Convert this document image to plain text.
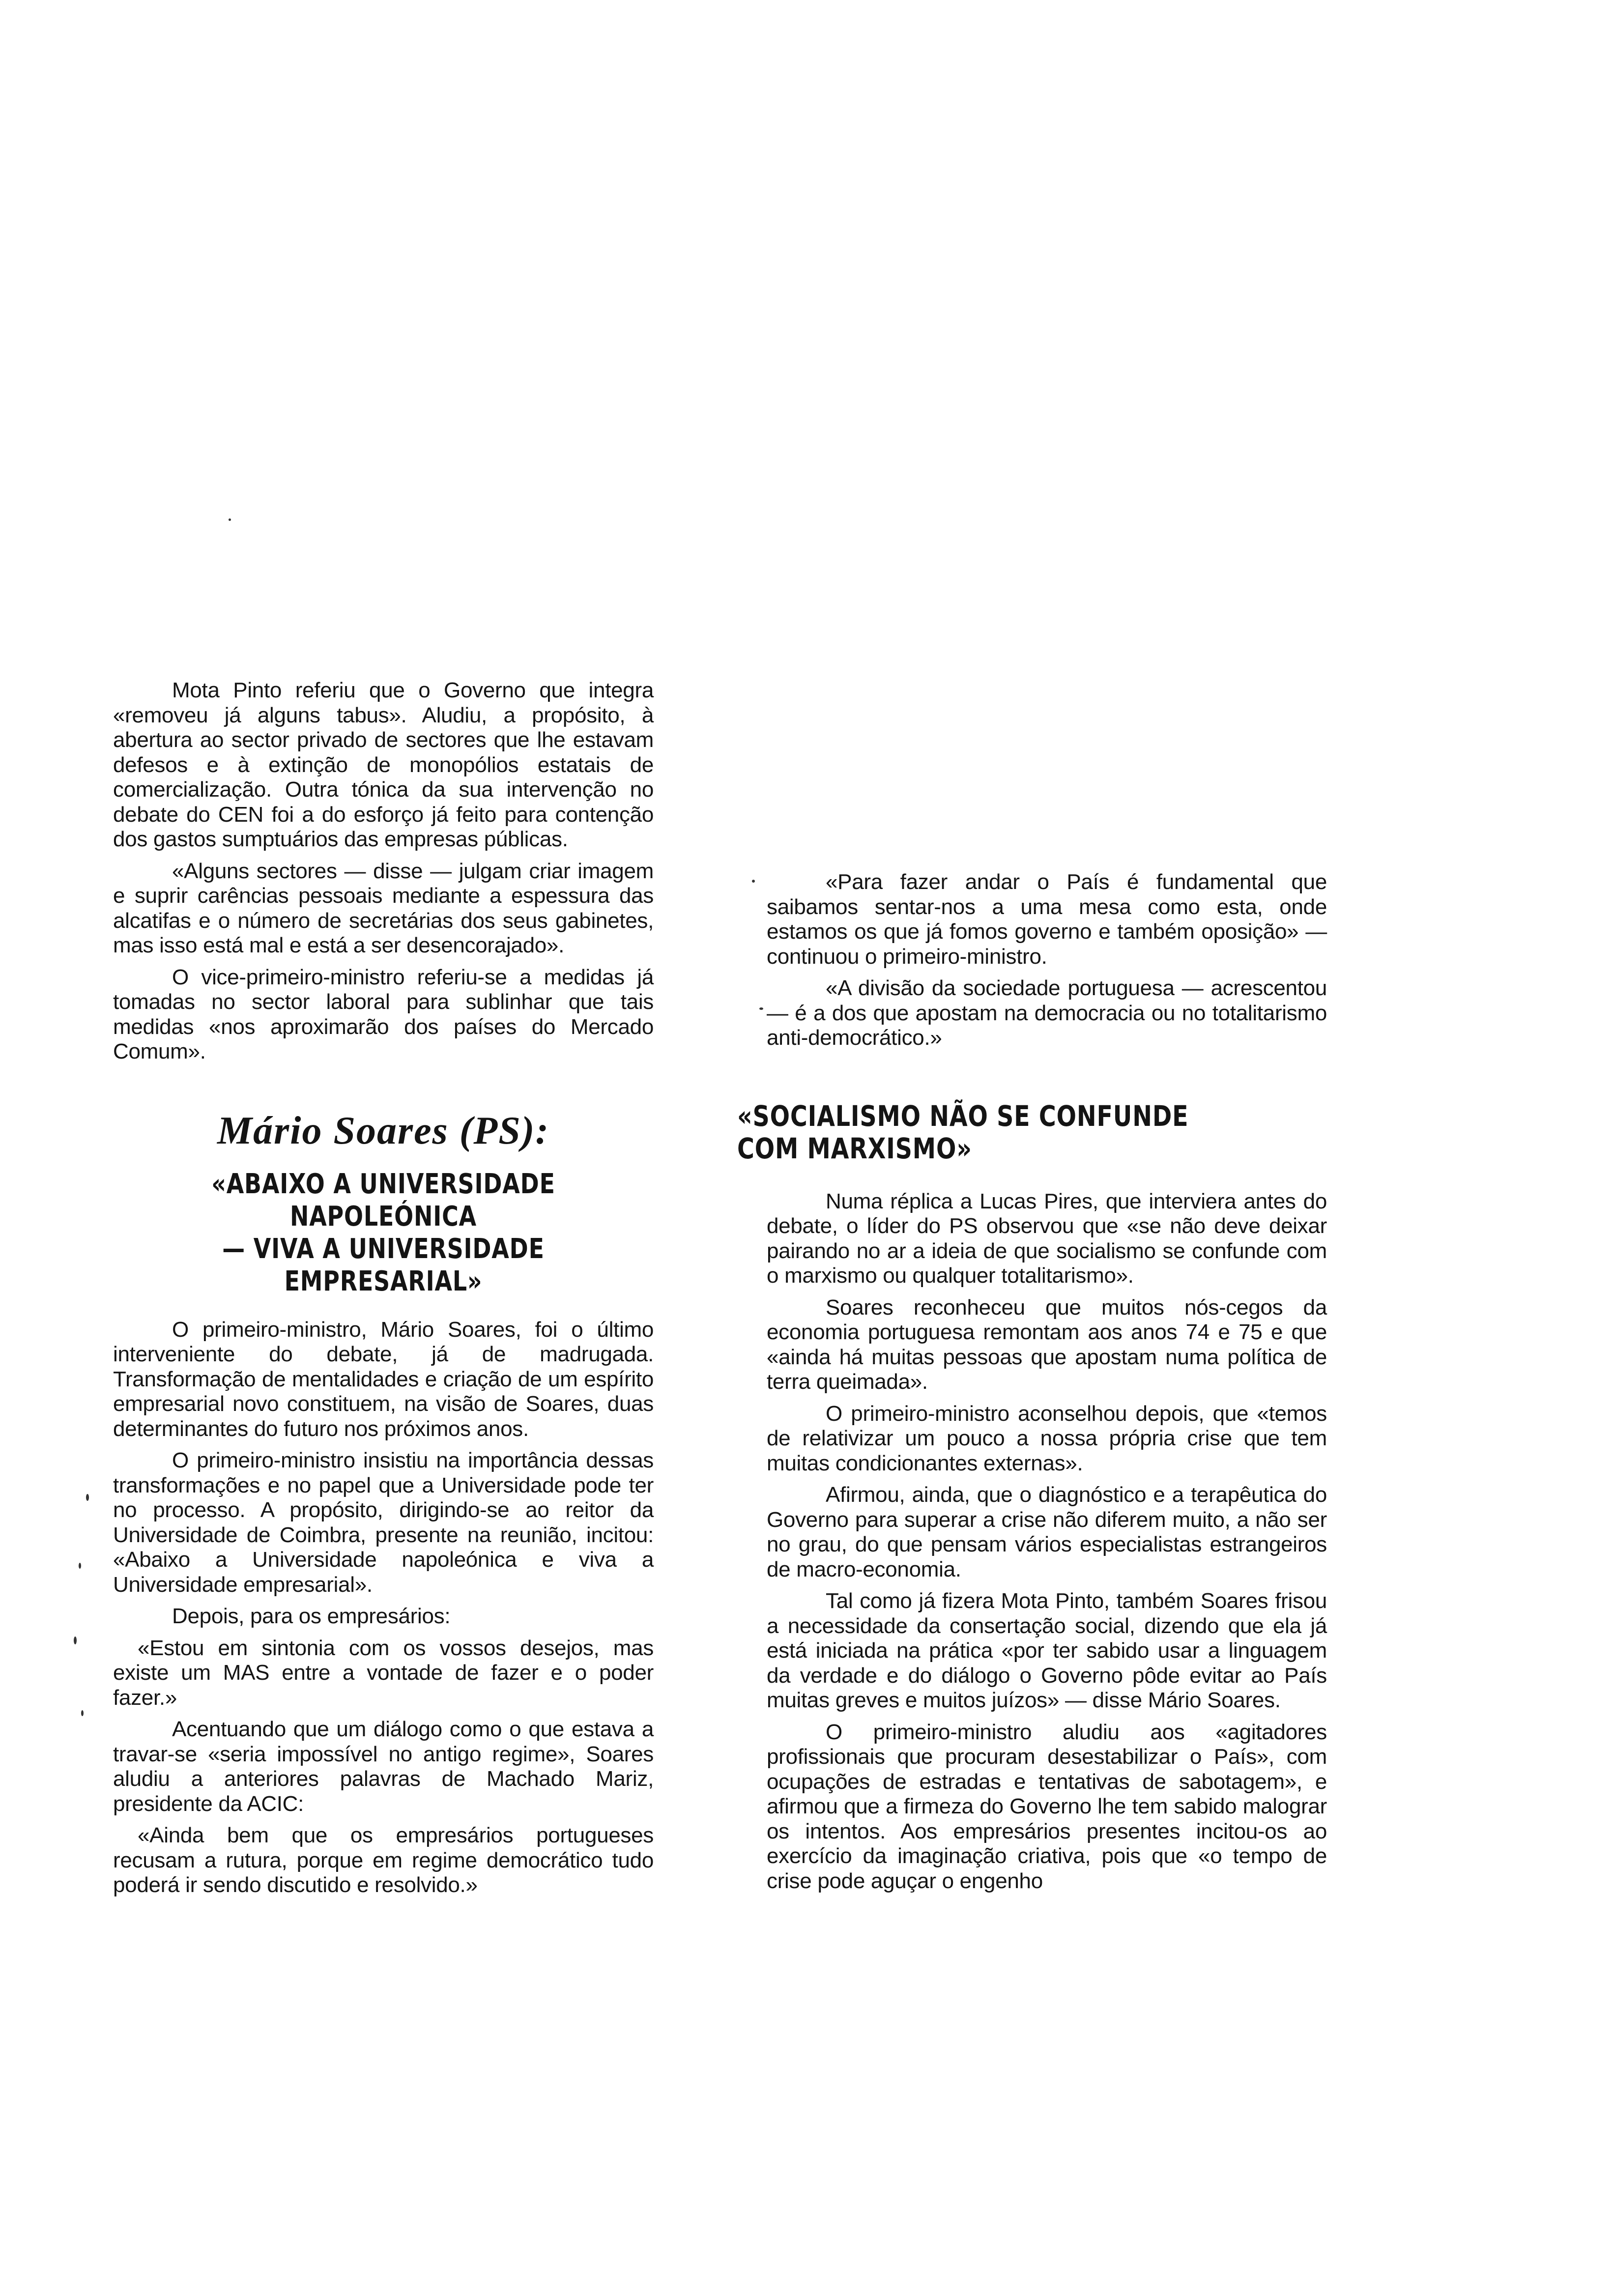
Mota Pinto referiu que o Governo que integra «removeu já alguns tabus». Aludiu, a propósito, à abertura ao sector privado de sectores que lhe estavam defesos e à extinção de monopólios estatais de comercialização. Outra tónica da sua intervenção no debate do CEN foi a do esforço já feito para contenção dos gastos sumptuários das empresas públicas.

«Alguns sectores — disse — julgam criar imagem e suprir carências pessoais mediante a espessura das alcatifas e o número de secretárias dos seus gabinetes, mas isso está mal e está a ser desencorajado».

O vice-primeiro-ministro referiu-se a medidas já tomadas no sector laboral para sublinhar que tais medidas «nos aproximarão dos países do Mercado Comum».

Mário Soares (PS):
«ABAIXO A UNIVERSIDADE NAPOLEÓNICA
— VIVA A UNIVERSIDADE EMPRESARIAL»

O primeiro-ministro, Mário Soares, foi o último interveniente do debate, já de madrugada. Transformação de mentalidades e criação de um espírito empresarial novo constituem, na visão de Soares, duas determinantes do futuro nos próximos anos.

O primeiro-ministro insistiu na importância dessas transformações e no papel que a Universidade pode ter no processo. A propósito, dirigindo-se ao reitor da Universidade de Coimbra, presente na reunião, incitou: «Abaixo a Universidade napoleónica e viva a Universidade empresarial».

Depois, para os empresários:

«Estou em sintonia com os vossos desejos, mas existe um MAS entre a vontade de fazer e o poder fazer.»

Acentuando que um diálogo como o que estava a travar-se «seria impossível no antigo regime», Soares aludiu a anteriores palavras de Machado Mariz, presidente da ACIC:

«Ainda bem que os empresários portugueses recusam a rutura, porque em regime democrático tudo poderá ir sendo discutido e resolvido.»

«Para fazer andar o País é fundamental que saibamos sentar-nos a uma mesa como esta, onde estamos os que já fomos governo e também oposição» — continuou o primeiro-ministro.

«A divisão da sociedade portuguesa — acrescentou — é a dos que apostam na democracia ou no totalitarismo anti-democrático.»

«SOCIALISMO NÃO SE CONFUNDE COM MARXISMO»

Numa réplica a Lucas Pires, que interviera antes do debate, o líder do PS observou que «se não deve deixar pairando no ar a ideia de que socialismo se confunde com o marxismo ou qualquer totalitarismo».

Soares reconheceu que muitos nós-cegos da economia portuguesa remontam aos anos 74 e 75 e que «ainda há muitas pessoas que apostam numa política de terra queimada».

O primeiro-ministro aconselhou depois, que «temos de relativizar um pouco a nossa própria crise que tem muitas condicionantes externas».

Afirmou, ainda, que o diagnóstico e a terapêutica do Governo para superar a crise não diferem muito, a não ser no grau, do que pensam vários especialistas estrangeiros de macro-economia.

Tal como já fizera Mota Pinto, também Soares frisou a necessidade da consertação social, dizendo que ela já está iniciada na prática «por ter sabido usar a linguagem da verdade e do diálogo o Governo pôde evitar ao País muitas greves e muitos juízos» — disse Mário Soares.

O primeiro-ministro aludiu aos «agitadores profissionais que procuram desestabilizar o País», com ocupações de estradas e tentativas de sabotagem», e afirmou que a firmeza do Governo lhe tem sabido malograr os intentos. Aos empresários presentes incitou-os ao exercício da imaginação criativa, pois que «o tempo de crise pode aguçar o engenho
